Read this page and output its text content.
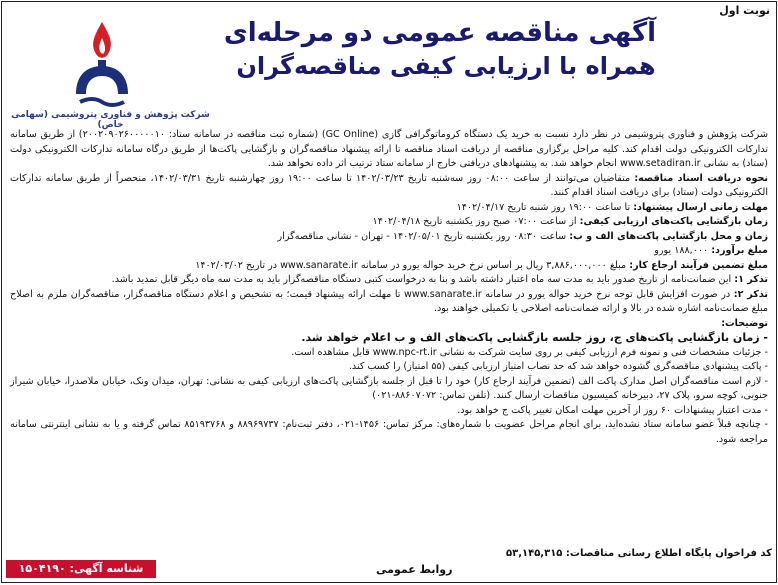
نوبت اول
آگهی مناقصه عمومی دو مرحله‌ای
همراه با ارزیابی کیفی مناقصه‌گران
شرکت پژوهش و فناوری پتروشیمی (سهامی خاص)

شرکت پژوهش و فناوری پتروشیمی در نظر دارد نسبت به خرید یک دستگاه کروماتوگرافی گازی (GC Online) (شماره ثبت مناقصه در سامانه ستاد: ۲۰۰۲۰۹۰۲۶۰۰۰۰۰۱۰) از طریق سامانه تدارکات الکترونیکی دولت اقدام کند. کلیه مراحل برگزاری مناقصه از دریافت اسناد مناقصه تا ارائه پیشنهاد مناقصه‌گران و بازگشایی پاکت‌ها از طریق درگاه سامانه تدارکات الکترونیکی دولت (ستاد) به نشانی www.setadiran.ir انجام خواهد شد. به پیشنهادهای دریافتی خارج از سامانه ستاد ترتیب اثر داده نخواهد شد.

نحوه دریافت اسناد مناقصه: متقاضیان می‌توانند از ساعت ۰۸:۰۰ روز سه‌شنبه تاریخ ۱۴۰۲/۰۳/۲۳ تا ساعت ۱۹:۰۰ روز چهارشنبه تاریخ ۱۴۰۲/۰۳/۳۱، منحصراً از طریق سامانه تدارکات الکترونیکی دولت (ستاد) برای دریافت اسناد اقدام کنند.

مهلت زمانی ارسال پیشنهاد: تا ساعت ۱۹:۰۰ روز شنبه تاریخ ۱۴۰۲/۰۴/۱۷

زمان بازگشایی پاکت‌های ارزیابی کیفی: از ساعت ۰۷:۰۰ صبح روز یکشنبه تاریخ ۱۴۰۲/۰۴/۱۸

زمان و محل بازگشایی پاکت‌های الف و ب: ساعت ۰۸:۳۰ روز یکشنبه تاریخ ۱۴۰۲/۰۵/۰۱ - تهران - نشانی مناقصه‌گزار

مبلغ برآورد: ۱۸۸,۰۰۰ یورو

مبلغ تضمین فرآیند ارجاع کار: مبلغ ۳,۸۸۶,۰۰۰,۰۰۰ ریال بر اساس نرخ خرید حواله یورو در سامانه www.sanarate.ir در تاریخ ۱۴۰۲/۰۳/۰۲

تذکر ۱: این ضمانت‌نامه از تاریخ صدور باید به مدت سه ماه اعتبار داشته باشد و بنا به درخواست کتبی دستگاه مناقصه‌گزار باید به مدت سه ماه دیگر قابل تمدید باشد.

تذکر ۲: در صورت افزایش قابل توجه نرخ خرید حواله یورو در سامانه www.sanarate.ir تا مهلت ارائه پیشنهاد قیمت؛ به تشخیص و اعلام دستگاه مناقصه‌گزار، مناقصه‌گران ملزم به اصلاح مبلغ ضمانت‌نامه اشاره شده در بالا و ارائه ضمانت‌نامه اصلاحی یا تکمیلی خواهند بود.

توضیحات:

- زمان بازگشایی پاکت‌های ج، روز جلسه بازگشایی پاکت‌های الف و ب اعلام خواهد شد.

- جزئیات مشخصات فنی و نمونه فرم ارزیابی کیفی بر روی سایت شرکت به نشانی www.npc-rt.ir قابل مشاهده است.

- پاکت پیشنهادی مناقصه‌گری گشوده خواهد شد که حد نصاب امتیاز ارزیابی کیفی (۵۵ امتیاز) را کسب کند.

- لازم است مناقصه‌گران اصل مدارک پاکت الف (تضمین فرآیند ارجاع کار) خود را تا قبل از جلسه بازگشایی پاکت‌های ارزیابی کیفی به نشانی: تهران، میدان ونک، خیابان ملاصدرا، خیابان شیراز جنوبی، کوچه سرو، پلاک ۲۷، دبیرخانه کمیسیون مناقصات ارسال کنند. (تلفن تماس: ۸۸۶۰۷۰۷۲-۰۲۱)

- مدت اعتبار پیشنهادات ۶۰ روز از آخرین مهلت امکان تغییر پاکت ج خواهد بود.

- چنانچه قبلاً عضو سامانه ستاد نشده‌اید، برای انجام مراحل عضویت با شماره‌های: مرکز تماس: ۱۴۵۶-۰۲۱، دفتر ثبت‌نام: ۸۸۹۶۹۷۳۷ و ۸۵۱۹۳۷۶۸ تماس گرفته و یا به نشانی اینترنتی سامانه مراجعه شود.

کد فراخوان پایگاه اطلاع رسانی مناقصات: ۵۳,۱۴۵,۳۱۵
روابط عمومی
شناسه آگهی: ۱۵۰۴۱۹۰
